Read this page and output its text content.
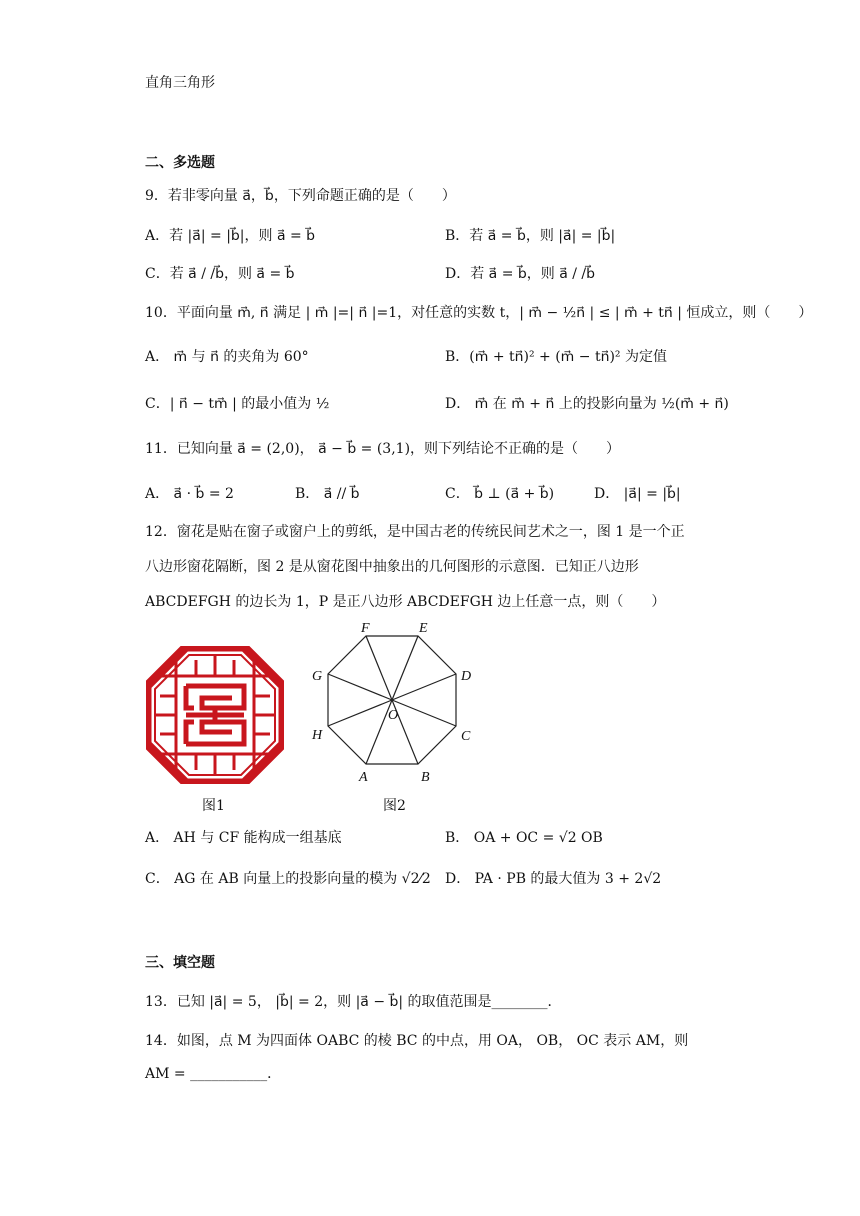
直角三角形
二、多选题
9．若非零向量 a⃗，b⃗，下列命题正确的是（　　）
A．若 |a⃗| = |b⃗|，则 a⃗ = b⃗	B．若 a⃗ = b⃗，则 |a⃗| = |b⃗|
C．若 a⃗ / /b⃗，则 a⃗ = b⃗	D．若 a⃗ = b⃗，则 a⃗ / /b⃗
10．平面向量 m⃗, n⃗ 满足 | m⃗ |=| n⃗ |=1，对任意的实数 t，| m⃗ − ½n⃗ | ≤ | m⃗ + tn⃗ | 恒成立，则（　　）
A． m⃗ 与 n⃗ 的夹角为 60°	B．(m⃗ + tn⃗)² + (m⃗ − tn⃗)² 为定值
C．| n⃗ − tm⃗ | 的最小值为 ½	D． m⃗ 在 m⃗ + n⃗ 上的投影向量为 ½(m⃗ + n⃗)
11．已知向量 a⃗ = (2,0)， a⃗ − b⃗ = (3,1)，则下列结论不正确的是（　　）
A． a⃗ · b⃗ = 2	B． a⃗ // b⃗	C． b⃗ ⊥ (a⃗ + b⃗)	D． |a⃗| = |b⃗|
12．窗花是贴在窗子或窗户上的剪纸，是中国古老的传统民间艺术之一，图 1 是一个正
八边形窗花隔断，图 2 是从窗花图中抽象出的几何图形的示意图．已知正八边形
ABCDEFGH 的边长为 1，P 是正八边形 ABCDEFGH 边上任意一点，则（　　）
图1
A	B
C
D
E
F
G
H
O
图2
A． AH 与 CF 能构成一组基底	B． OA + OC = √2 OB
C． AG 在 AB 向量上的投影向量的模为 √2⁄2 D． PA · PB 的最大值为 3 + 2√2
三、填空题
13．已知 |a⃗| = 5， |b⃗| = 2，则 |a⃗ − b⃗| 的取值范围是________．
14．如图，点 M 为四面体 OABC 的棱 BC 的中点，用 OA， OB， OC 表示 AM，则
AM = ___________．
